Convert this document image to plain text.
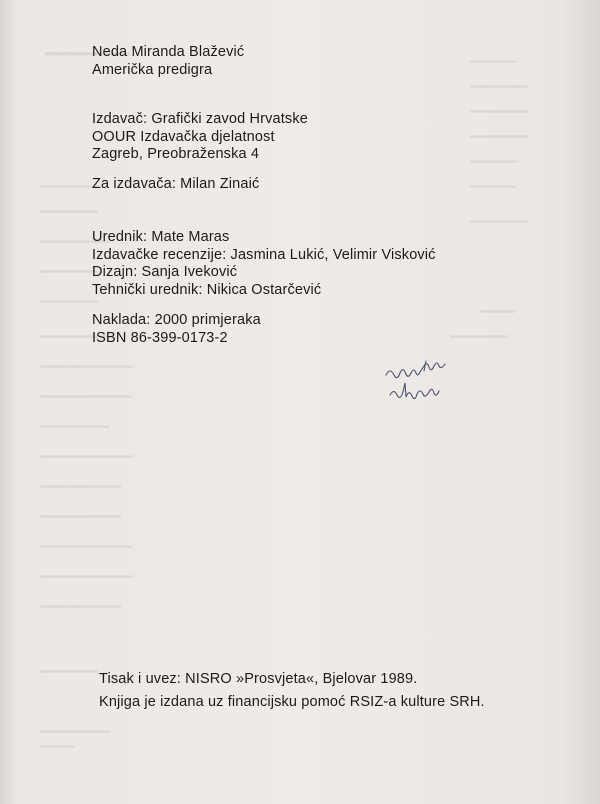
▁▁▁▁▁	▁▁▁▁
▁▁▁▁▁
▁▁▁▁▁
▁▁▁▁▁
▁▁▁▁
▁▁▁▁▁	▁▁▁▁
▁▁▁▁▁
▁▁▁▁▁
▁▁▁▁▁▁
▁▁▁▁▁
▁▁▁▁▁
▁▁▁
▁▁▁▁▁▁	▁▁▁▁▁
▁▁▁▁▁▁▁▁
▁▁▁▁▁▁▁▁
▁▁▁▁▁▁
▁▁▁▁▁▁▁▁
▁▁▁▁▁▁▁
▁▁▁▁▁▁▁
▁▁▁▁▁▁▁▁
▁▁▁▁▁▁▁▁
▁▁▁▁▁▁▁
▁▁▁▁▁
▁▁▁▁▁▁
▁▁▁
Neda Miranda Blažević
Američka predigra
Izdavač: Grafički zavod Hrvatske
OOUR Izdavačka djelatnost
Zagreb, Preobraženska 4
Za izdavača: Milan Zinaić
Urednik: Mate Maras
Izdavačke recenzije: Jasmina Lukić, Velimir Visković
Dizajn: Sanja Iveković
Tehnički urednik: Nikica Ostarčević
Naklada: 2000 primjeraka
ISBN 86-399-0173-2
Tisak i uvez: NISRO »Prosvjeta«, Bjelovar 1989.
Knjiga je izdana uz financijsku pomoć RSIZ-a kulture SRH.
